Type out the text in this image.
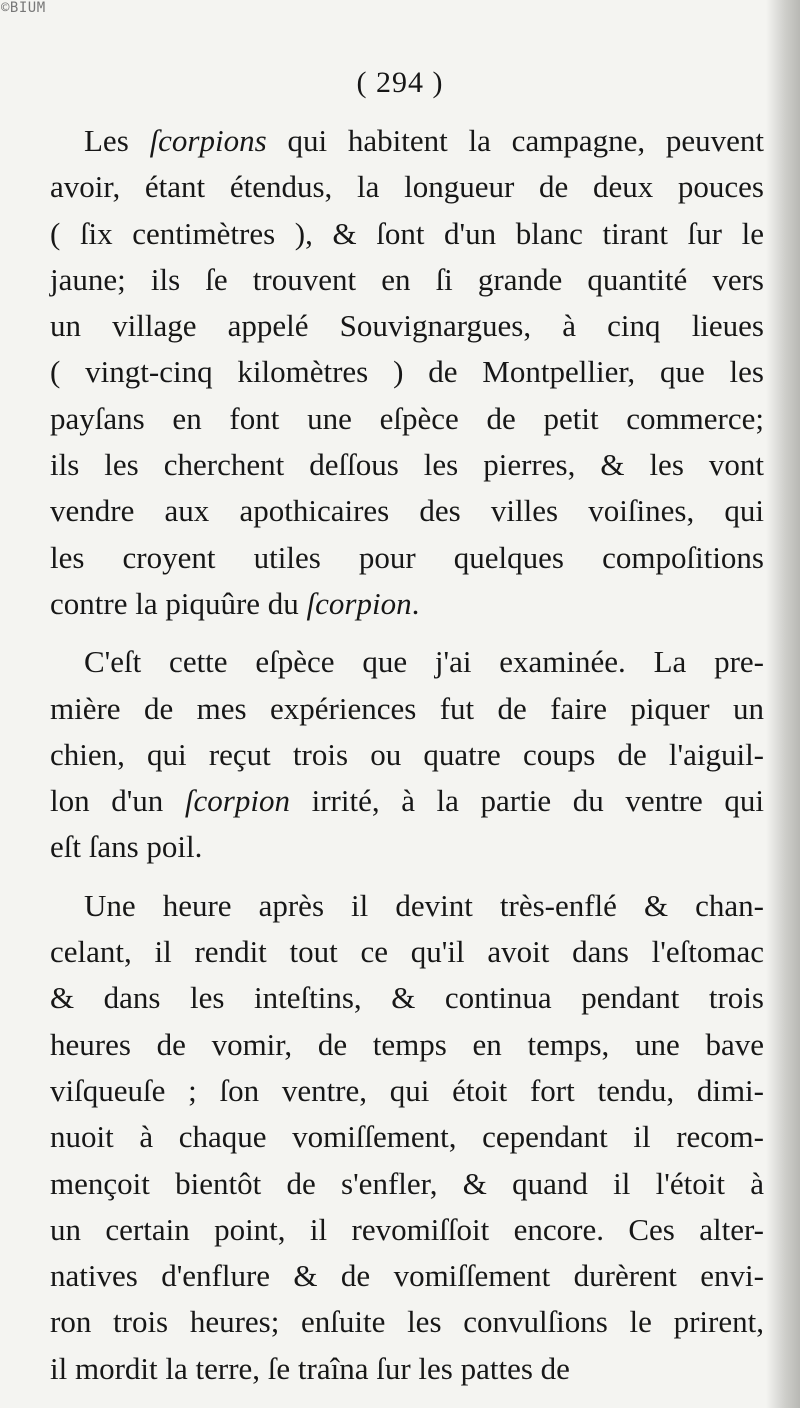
©BIUM
( 294 )
Les ſcorpions qui habitent la campagne, peuvent
avoir, étant étendus, la longueur de deux pouces
( ſix centimètres ), & ſont d'un blanc tirant ſur le
jaune; ils ſe trouvent en ſi grande quantité vers
un village appelé Souvignargues, à cinq lieues
( vingt-cinq kilomètres ) de Montpellier, que les
payſans en font une eſpèce de petit commerce;
ils les cherchent deſſous les pierres, & les vont
vendre aux apothicaires des villes voiſines, qui
les croyent utiles pour quelques compoſitions
contre la piquûre du ſcorpion.
C'eſt cette eſpèce que j'ai examinée. La pre-
mière de mes expériences fut de faire piquer un
chien, qui reçut trois ou quatre coups de l'aiguil-
lon d'un ſcorpion irrité, à la partie du ventre qui
eſt ſans poil.
Une heure après il devint très-enflé & chan-
celant, il rendit tout ce qu'il avoit dans l'eſtomac
& dans les inteſtins, & continua pendant trois
heures de vomir, de temps en temps, une bave
viſqueuſe ; ſon ventre, qui étoit fort tendu, dimi-
nuoit à chaque vomiſſement, cependant il recom-
mençoit bientôt de s'enfler, & quand il l'étoit à
un certain point, il revomiſſoit encore. Ces alter-
natives d'enflure & de vomiſſement durèrent envi-
ron trois heures; enſuite les convulſions le prirent,
il mordit la terre, ſe traîna ſur les pattes de
